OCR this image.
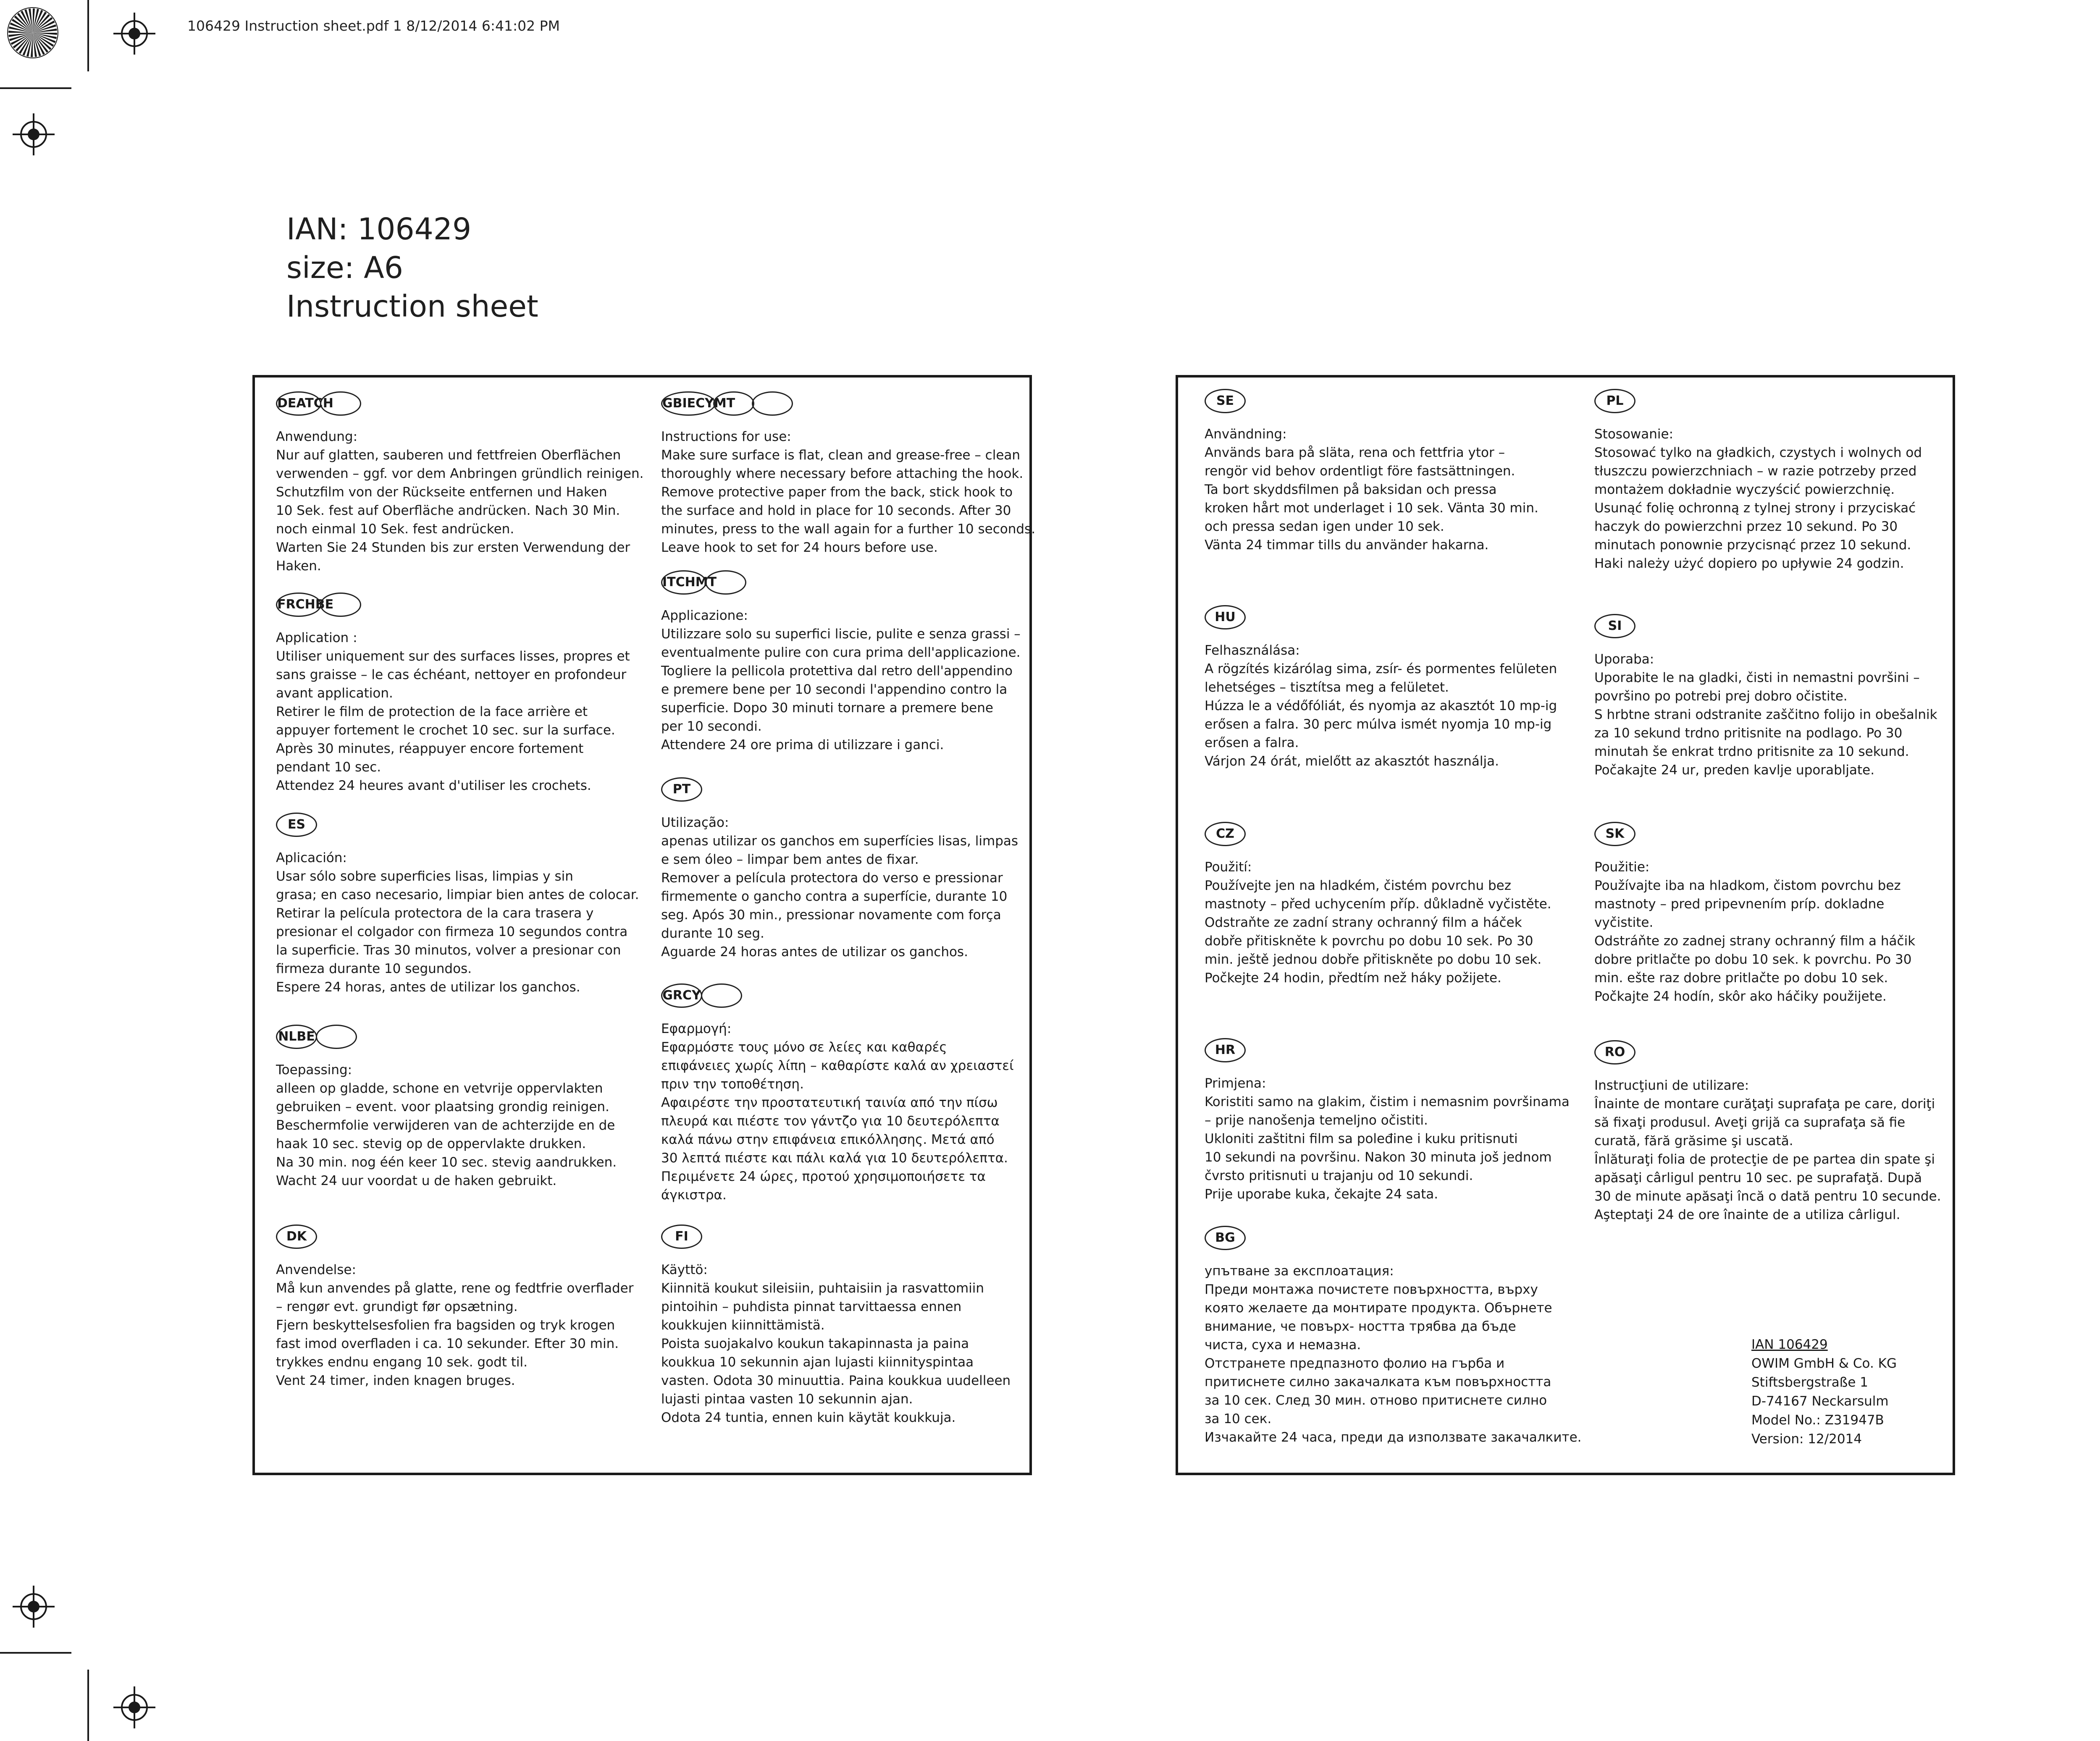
106429 Instruction sheet.pdf 1 8/12/2014 6:41:02 PM
IAN: 106429
size: A6
Instruction sheet
DEATCH
Anwendung:
Nur auf glatten, sauberen und fettfreien Oberflächen
verwenden – ggf. vor dem Anbringen gründlich reinigen.
Schutzfilm von der Rückseite entfernen und Haken
10 Sek. fest auf Oberfläche andrücken. Nach 30 Min.
noch einmal 10 Sek. fest andrücken.
Warten Sie 24 Stunden bis zur ersten Verwendung der
Haken.
FRCHBE
Application :
Utiliser uniquement sur des surfaces lisses, propres et
sans graisse – le cas échéant, nettoyer en profondeur
avant application.
Retirer le film de protection de la face arrière et
appuyer fortement le crochet 10 sec. sur la surface.
Après 30 minutes, réappuyer encore fortement
pendant 10 sec.
Attendez 24 heures avant d'utiliser les crochets.
ES
Aplicación:
Usar sólo sobre superficies lisas, limpias y sin
grasa; en caso necesario, limpiar bien antes de colocar.
Retirar la película protectora de la cara trasera y
presionar el colgador con firmeza 10 segundos contra
la superficie. Tras 30 minutos, volver a presionar con
firmeza durante 10 segundos.
Espere 24 horas, antes de utilizar los ganchos.
NLBE
Toepassing:
alleen op gladde, schone en vetvrije oppervlakten
gebruiken – event. voor plaatsing grondig reinigen.
Beschermfolie verwijderen van de achterzijde en de
haak 10 sec. stevig op de oppervlakte drukken.
Na 30 min. nog één keer 10 sec. stevig aandrukken.
Wacht 24 uur voordat u de haken gebruikt.
DK
Anvendelse:
Må kun anvendes på glatte, rene og fedtfrie overflader
– rengør evt. grundigt før opsætning.
Fjern beskyttelsesfolien fra bagsiden og tryk krogen
fast imod overfladen i ca. 10 sekunder. Efter 30 min.
trykkes endnu engang 10 sek. godt til.
Vent 24 timer, inden knagen bruges.
GBIECYMT
Instructions for use:
Make sure surface is flat, clean and grease-free – clean
thoroughly where necessary before attaching the hook.
Remove protective paper from the back, stick hook to
the surface and hold in place for 10 seconds. After 30
minutes, press to the wall again for a further 10 seconds.
Leave hook to set for 24 hours before use.
ITCHMT
Applicazione:
Utilizzare solo su superfici liscie, pulite e senza grassi –
eventualmente pulire con cura prima dell'applicazione.
Togliere la pellicola protettiva dal retro dell'appendino
e premere bene per 10 secondi l'appendino contro la
superficie. Dopo 30 minuti tornare a premere bene
per 10 secondi.
Attendere 24 ore prima di utilizzare i ganci.
PT
Utilização:
apenas utilizar os ganchos em superfícies lisas, limpas
e sem óleo – limpar bem antes de fixar.
Remover a película protectora do verso e pressionar
firmemente o gancho contra a superfície, durante 10
seg. Após 30 min., pressionar novamente com força
durante 10 seg.
Aguarde 24 horas antes de utilizar os ganchos.
GRCY
Εφαρμογή:
Εφαρμόστε τους μόνο σε λείες και καθαρές
επιφάνειες χωρίς λίπη – καθαρίστε καλά αν χρειαστεί
πριν την τοποθέτηση.
Αφαιρέστε την προστατευτική ταινία από την πίσω
πλευρά και πιέστε τον γάντζο για 10 δευτερόλεπτα
καλά πάνω στην επιφάνεια επικόλλησης. Μετά από
30 λεπτά πιέστε και πάλι καλά για 10 δευτερόλεπτα.
Περιμένετε 24 ώρες, προτού χρησιμοποιήσετε τα
άγκιστρα.
FI
Käyttö:
Kiinnitä koukut sileisiin, puhtaisiin ja rasvattomiin
pintoihin – puhdista pinnat tarvittaessa ennen
koukkujen kiinnittämistä.
Poista suojakalvo koukun takapinnasta ja paina
koukkua 10 sekunnin ajan lujasti kiinnityspintaa
vasten. Odota 30 minuuttia. Paina koukkua uudelleen
lujasti pintaa vasten 10 sekunnin ajan.
Odota 24 tuntia, ennen kuin käytät koukkuja.
SE
Användning:
Används bara på släta, rena och fettfria ytor –
rengör vid behov ordentligt före fastsättningen.
Ta bort skyddsfilmen på baksidan och pressa
kroken hårt mot underlaget i 10 sek. Vänta 30 min.
och pressa sedan igen under 10 sek.
Vänta 24 timmar tills du använder hakarna.
HU
Felhasználása:
A rögzítés kizárólag sima, zsír- és pormentes felületen
lehetséges – tisztítsa meg a felületet.
Húzza le a védőfóliát, és nyomja az akasztót 10 mp-ig
erősen a falra. 30 perc múlva ismét nyomja 10 mp-ig
erősen a falra.
Várjon 24 órát, mielőtt az akasztót használja.
CZ
Použití:
Používejte jen na hladkém, čistém povrchu bez
mastnoty – před uchycením příp. důkladně vyčistěte.
Odstraňte ze zadní strany ochranný film a háček
dobře přitiskněte k povrchu po dobu 10 sek. Po 30
min. ještě jednou dobře přitiskněte po dobu 10 sek.
Počkejte 24 hodin, předtím než háky požijete.
HR
Primjena:
Koristiti samo na glakim, čistim i nemasnim površinama
– prije nanošenja temeljno očistiti.
Ukloniti zaštitni film sa poleđine i kuku pritisnuti
10 sekundi na površinu. Nakon 30 minuta još jednom
čvrsto pritisnuti u trajanju od 10 sekundi.
Prije uporabe kuka, čekajte 24 sata.
BG
упътване за експлоатация:
Преди монтажа почистете повърхността, върху
която желаете да монтирате продукта. Обърнете
внимание, че повърх- ността трябва да бъде
чиста, суха и немазна.
Отстранете предпазното фолио на гърба и
притиснете силно закачалката към повърхността
за 10 сек. След 30 мин. отново притиснете силно
за 10 сек.
Изчакайте 24 часа, преди да използвате закачалките.
PL
Stosowanie:
Stosować tylko na gładkich, czystych i wolnych od
tłuszczu powierzchniach – w razie potrzeby przed
montażem dokładnie wyczyścić powierzchnię.
Usunąć folię ochronną z tylnej strony i przyciskać
haczyk do powierzchni przez 10 sekund. Po 30
minutach ponownie przycisnąć przez 10 sekund.
Haki należy użyć dopiero po upływie 24 godzin.
SI
Uporaba:
Uporabite le na gladki, čisti in nemastni površini –
površino po potrebi prej dobro očistite.
S hrbtne strani odstranite zaščitno folijo in obešalnik
za 10 sekund trdno pritisnite na podlago. Po 30
minutah še enkrat trdno pritisnite za 10 sekund.
Počakajte 24 ur, preden kavlje uporabljate.
SK
Použitie:
Používajte iba na hladkom, čistom povrchu bez
mastnoty – pred pripevnením príp. dokladne
vyčistite.
Odstráňte zo zadnej strany ochranný film a háčik
dobre pritlačte po dobu 10 sek. k povrchu. Po 30
min. ešte raz dobre pritlačte po dobu 10 sek.
Počkajte 24 hodín, skôr ako háčiky použijete.
RO
Instrucţiuni de utilizare:
Înainte de montare curăţaţi suprafaţa pe care, doriţi
să fixaţi produsul. Aveţi grijă ca suprafaţa să fie
curată, fără grăsime şi uscată.
Înlăturaţi folia de protecţie de pe partea din spate şi
apăsaţi cârligul pentru 10 sec. pe suprafaţă. După
30 de minute apăsaţi încă o dată pentru 10 secunde.
Aşteptaţi 24 de ore înainte de a utiliza cârligul.
IAN 106429
OWIM GmbH & Co. KG
Stiftsbergstraße 1
D-74167 Neckarsulm
Model No.: Z31947B
Version: 12/2014
